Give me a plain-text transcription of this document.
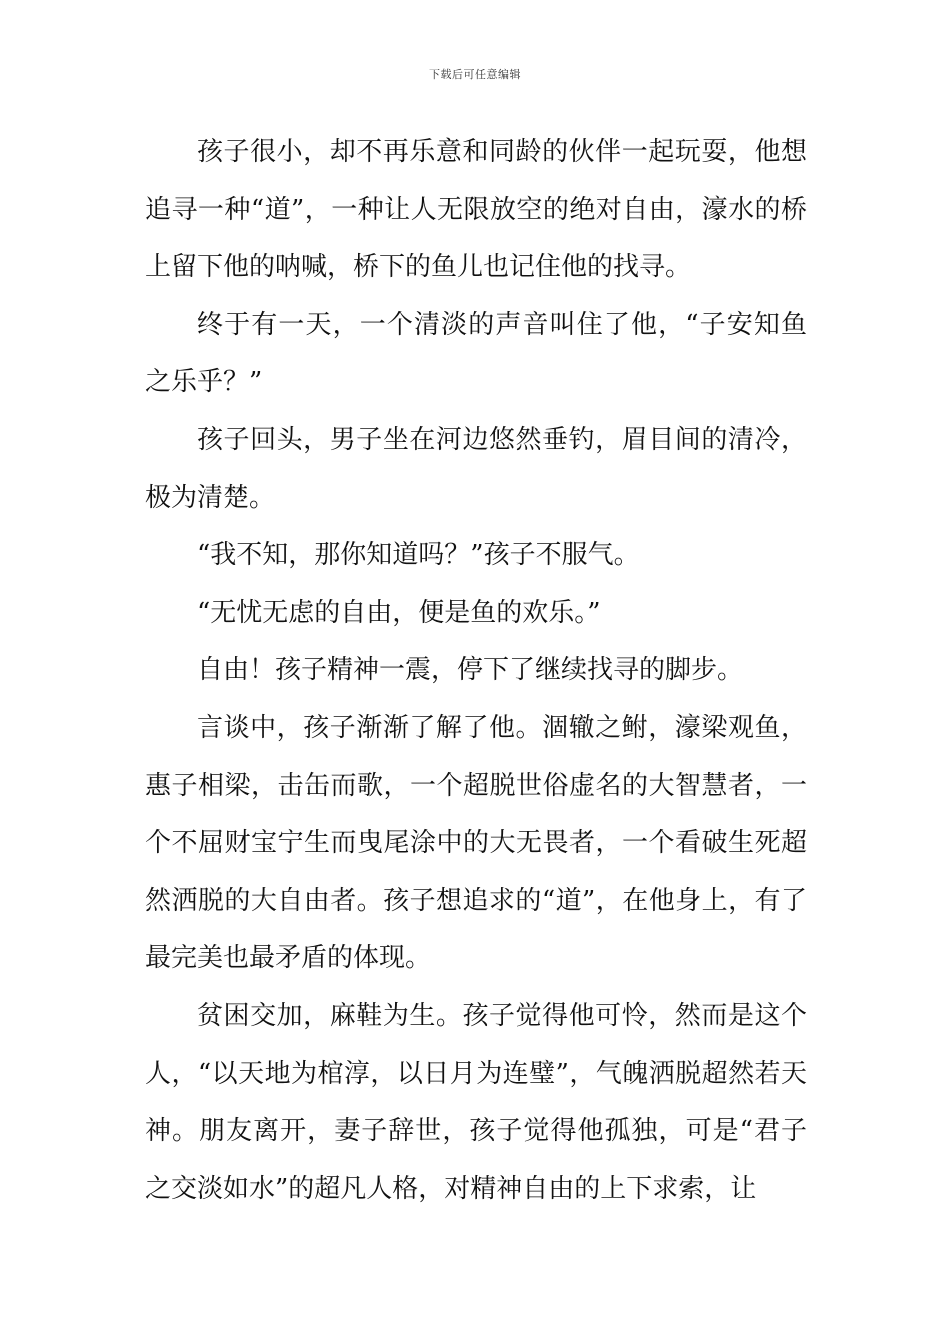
下载后可任意编辑

孩子很小，却不再乐意和同龄的伙伴一起玩耍，他想追寻一种“道”，一种让人无限放空的绝对自由，濠水的桥上留下他的呐喊，桥下的鱼儿也记住他的找寻。

终于有一天，一个清淡的声音叫住了他，“子安知鱼之乐乎？”

孩子回头，男子坐在河边悠然垂钓，眉目间的清冷，极为清楚。

“我不知，那你知道吗？”孩子不服气。

“无忧无虑的自由，便是鱼的欢乐。”

自由！孩子精神一震，停下了继续找寻的脚步。

言谈中，孩子渐渐了解了他。涸辙之鲋，濠梁观鱼，惠子相梁，击缶而歌，一个超脱世俗虚名的大智慧者，一个不屈财宝宁生而曳尾涂中的大无畏者，一个看破生死超然洒脱的大自由者。孩子想追求的“道”，在他身上，有了最完美也最矛盾的体现。

贫困交加，麻鞋为生。孩子觉得他可怜，然而是这个人，“以天地为棺淳，以日月为连璧”，气魄洒脱超然若天神。朋友离开，妻子辞世，孩子觉得他孤独，可是“君子之交淡如水”的超凡人格，对精神自由的上下求索，让
